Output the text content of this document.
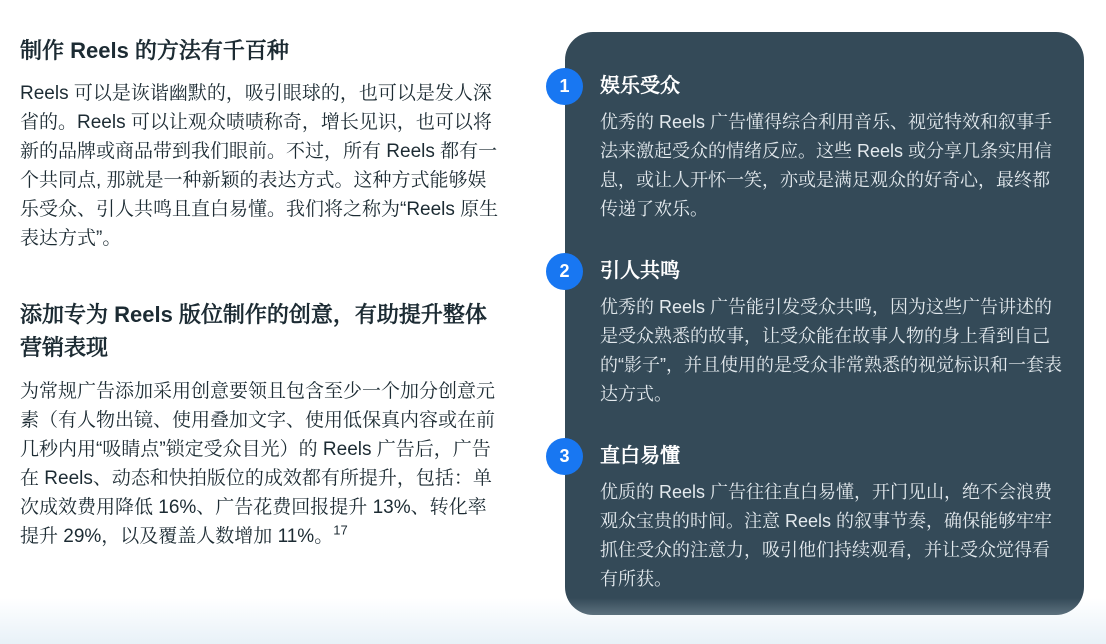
制作 Reels 的方法有千百种

Reels 可以是诙谐幽默的，吸引眼球的，也可以是发人深省的。Reels 可以让观众啧啧称奇，增长见识，也可以将新的品牌或商品带到我们眼前。不过，所有 Reels 都有一个共同点, 那就是一种新颖的表达方式。这种方式能够娱乐受众、引人共鸣且直白易懂。我们将之称为“Reels 原生表达方式”。

添加专为 Reels 版位制作的创意，有助提升整体营销表现

为常规广告添加采用创意要领且包含至少一个加分创意元素（有人物出镜、使用叠加文字、使用低保真内容或在前几秒内用“吸睛点”锁定受众目光）的 Reels 广告后，广告在 Reels、动态和快拍版位的成效都有所提升，包括：单次成效费用降低 16%、广告花费回报提升 13%、转化率提升 29%，以及覆盖人数增加 11%。$^{17}$

1	娱乐受众
优秀的 Reels 广告懂得综合利用音乐、视觉特效和叙事手法来激起受众的情绪反应。这些 Reels 或分享几条实用信息，或让人开怀一笑，亦或是满足观众的好奇心，最终都传递了欢乐。
2	引人共鸣
优秀的 Reels 广告能引发受众共鸣，因为这些广告讲述的是受众熟悉的故事，让受众能在故事人物的身上看到自己的“影子”，并且使用的是受众非常熟悉的视觉标识和一套表达方式。
3	直白易懂
优质的 Reels 广告往往直白易懂，开门见山，绝不会浪费观众宝贵的时间。注意 Reels 的叙事节奏，确保能够牢牢抓住受众的注意力，吸引他们持续观看，并让受众觉得看有所获。
